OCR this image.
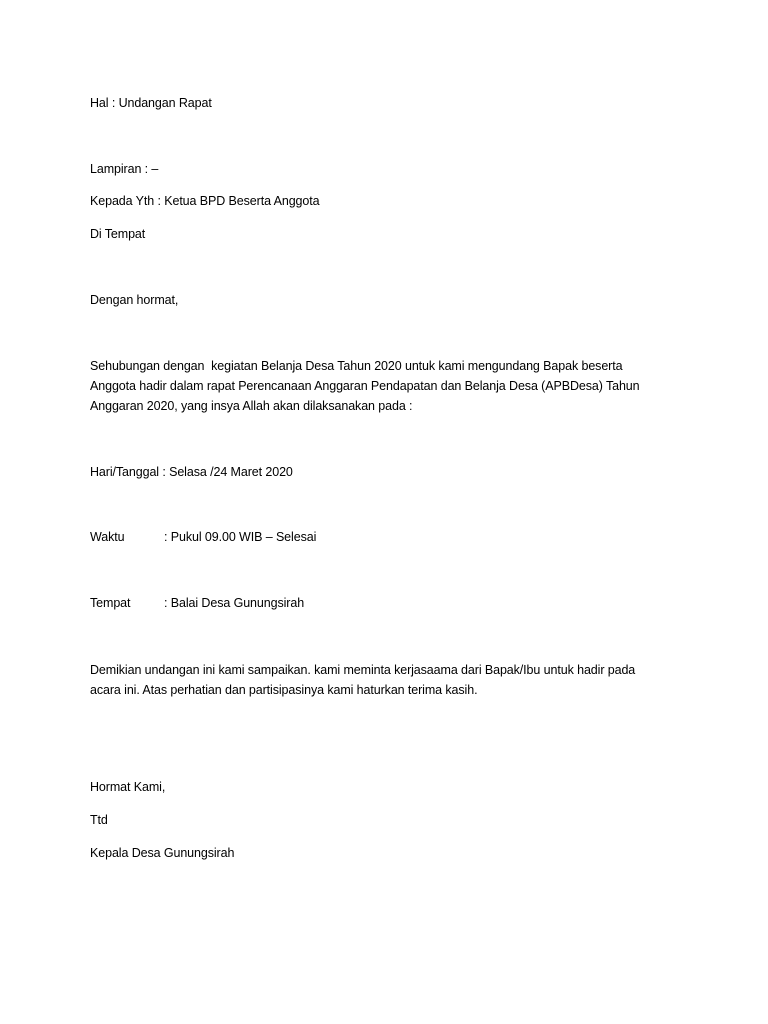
Hal : Undangan Rapat
Lampiran : –
Kepada Yth : Ketua BPD Beserta Anggota
Di Tempat
Dengan hormat,
Sehubungan dengan  kegiatan Belanja Desa Tahun 2020 untuk kami mengundang Bapak beserta
Anggota hadir dalam rapat Perencanaan Anggaran Pendapatan dan Belanja Desa (APBDesa) Tahun
Anggaran 2020, yang insya Allah akan dilaksanakan pada :
Hari/Tanggal : Selasa /24 Maret 2020
Waktu	: Pukul 09.00 WIB – Selesai
Tempat	: Balai Desa Gunungsirah
Demikian undangan ini kami sampaikan. kami meminta kerjasaama dari Bapak/Ibu untuk hadir pada
acara ini. Atas perhatian dan partisipasinya kami haturkan terima kasih.
Hormat Kami,
Ttd
Kepala Desa Gunungsirah
